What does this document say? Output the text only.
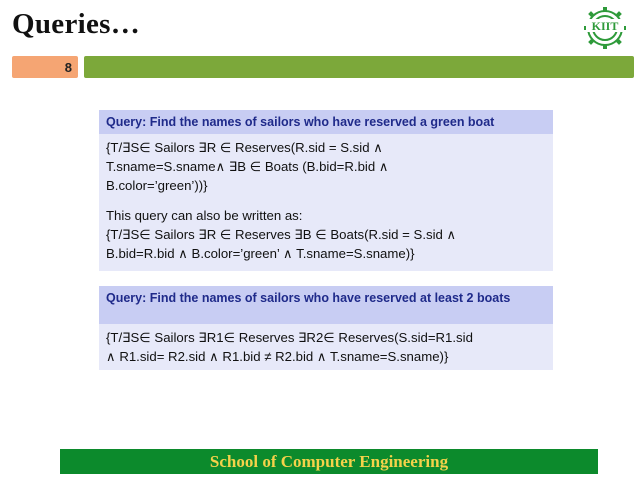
Queries…	KIIT
8
Query: Find the names of sailors who have reserved a green boat

{T/∃S∈ Sailors ∃R ∈ Reserves(R.sid = S.sid ∧

T.sname=S.sname∧ ∃B ∈ Boats (B.bid=R.bid ∧

B.color=’green’))}

This query can also be written as:

{T/∃S∈ Sailors ∃R ∈ Reserves ∃B ∈ Boats(R.sid = S.sid ∧

B.bid=R.bid ∧ B.color=’green’ ∧ T.sname=S.sname)}

Query: Find the names of sailors who have reserved at least 2 boats

{T/∃S∈ Sailors ∃R1∈ Reserves ∃R2∈ Reserves(S.sid=R1.sid

∧ R1.sid= R2.sid ∧ R1.bid ≠ R2.bid ∧ T.sname=S.sname)}

School of Computer Engineering
